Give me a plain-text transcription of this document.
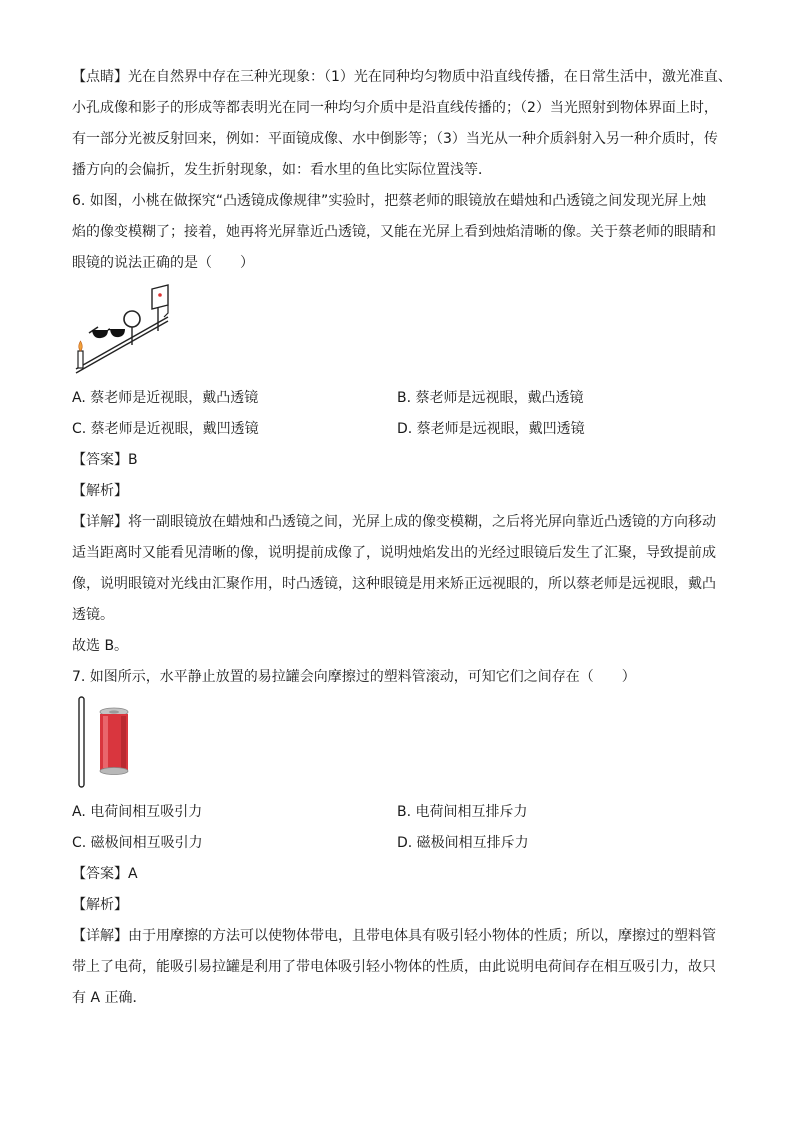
【点睛】光在自然界中存在三种光现象：（1）光在同种均匀物质中沿直线传播，在日常生活中，激光准直、
小孔成像和影子的形成等都表明光在同一种均匀介质中是沿直线传播的；（2）当光照射到物体界面上时，
有一部分光被反射回来，例如：平面镜成像、水中倒影等；（3）当光从一种介质斜射入另一种介质时，传
播方向的会偏折，发生折射现象，如：看水里的鱼比实际位置浅等．
6. 如图，小桃在做探究“凸透镜成像规律”实验时，把蔡老师的眼镜放在蜡烛和凸透镜之间发现光屏上烛
焰的像变模糊了；接着，她再将光屏靠近凸透镜，又能在光屏上看到烛焰清晰的像。关于蔡老师的眼睛和
眼镜的说法正确的是（　　）
A. 蔡老师是近视眼，戴凸透镜	B. 蔡老师是远视眼，戴凸透镜
C. 蔡老师是近视眼，戴凹透镜	D. 蔡老师是远视眼，戴凹透镜
【答案】B
【解析】
【详解】将一副眼镜放在蜡烛和凸透镜之间，光屏上成的像变模糊，之后将光屏向靠近凸透镜的方向移动
适当距离时又能看见清晰的像，说明提前成像了，说明烛焰发出的光经过眼镜后发生了汇聚，导致提前成
像，说明眼镜对光线由汇聚作用，时凸透镜，这种眼镜是用来矫正远视眼的，所以蔡老师是远视眼，戴凸
透镜。
故选 B。
7. 如图所示，水平静止放置的易拉罐会向摩擦过的塑料管滚动，可知它们之间存在（　　）
A. 电荷间相互吸引力	B. 电荷间相互排斥力
C. 磁极间相互吸引力	D. 磁极间相互排斥力
【答案】A
【解析】
【详解】由于用摩擦的方法可以使物体带电，且带电体具有吸引轻小物体的性质；所以，摩擦过的塑料管
带上了电荷，能吸引易拉罐是利用了带电体吸引轻小物体的性质，由此说明电荷间存在相互吸引力，故只
有 A 正确．
